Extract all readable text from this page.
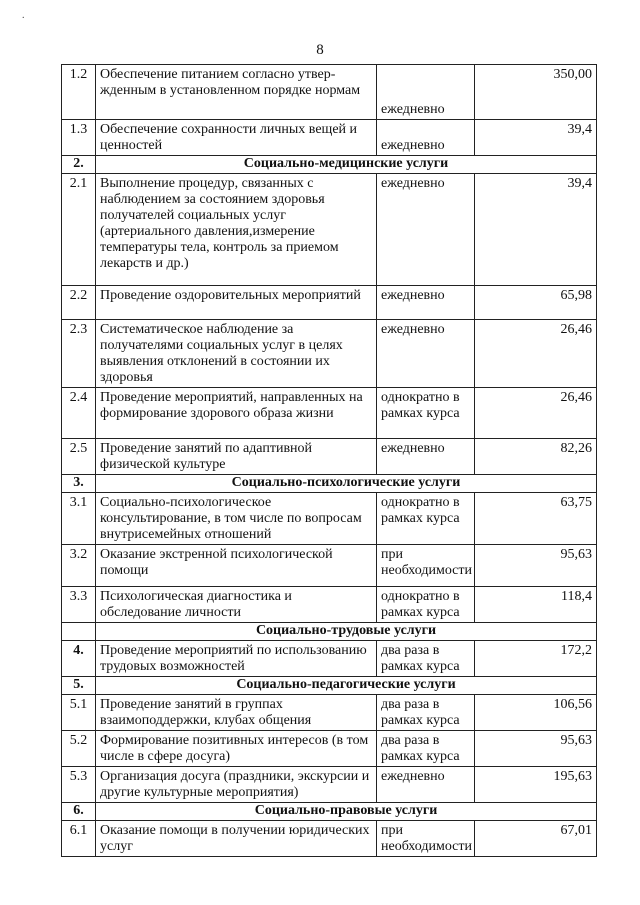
.
8
1.2	Обеспечение питанием согласно утвер-жденным в установленном порядке нормам	ежедневно	350,00
1.3	Обеспечение сохранности личных вещей и ценностей	ежедневно	39,4
2.	Социально-медицинские услуги		
2.1	Выполнение процедур, связанных с наблюдением за состоянием здоровья получателей социальных услуг (артериального давления,измерение температуры тела, контроль за приемом лекарств и др.)	ежедневно	39,4
2.2	Проведение оздоровительных мероприятий	ежедневно	65,98
2.3	Систематическое наблюдение за получателями социальных услуг в целях выявления отклонений в состоянии их здоровья	ежедневно	26,46
2.4	Проведение мероприятий, направленных на формирование здорового образа жизни	однократно в рамках курса	26,46
2.5	Проведение занятий по адаптивной физической культуре	ежедневно	82,26
3.	Социально-психологические услуги		
3.1	Социально-психологическое консультирование, в том числе по вопросам внутрисемейных отношений	однократно в рамках курса	63,75
3.2	Оказание экстренной психологической помощи	при необходимости	95,63
3.3	Психологическая диагностика и обследование личности	однократно в рамках курса	118,4
	Социально-трудовые услуги		
4.	Проведение мероприятий по использованию трудовых возможностей	два раза в рамках курса	172,2
5.	Социально-педагогические услуги		
5.1	Проведение занятий в группах взаимоподдержки, клубах общения	два раза в рамках курса	106,56
5.2	Формирование позитивных интересов (в том числе в сфере досуга)	два раза в рамках курса	95,63
5.3	Организация досуга (праздники, экскурсии и другие культурные мероприятия)	ежедневно	195,63
6.	Социально-правовые услуги		
6.1	Оказание помощи в получении юридических услуг	при необходимости	67,01
